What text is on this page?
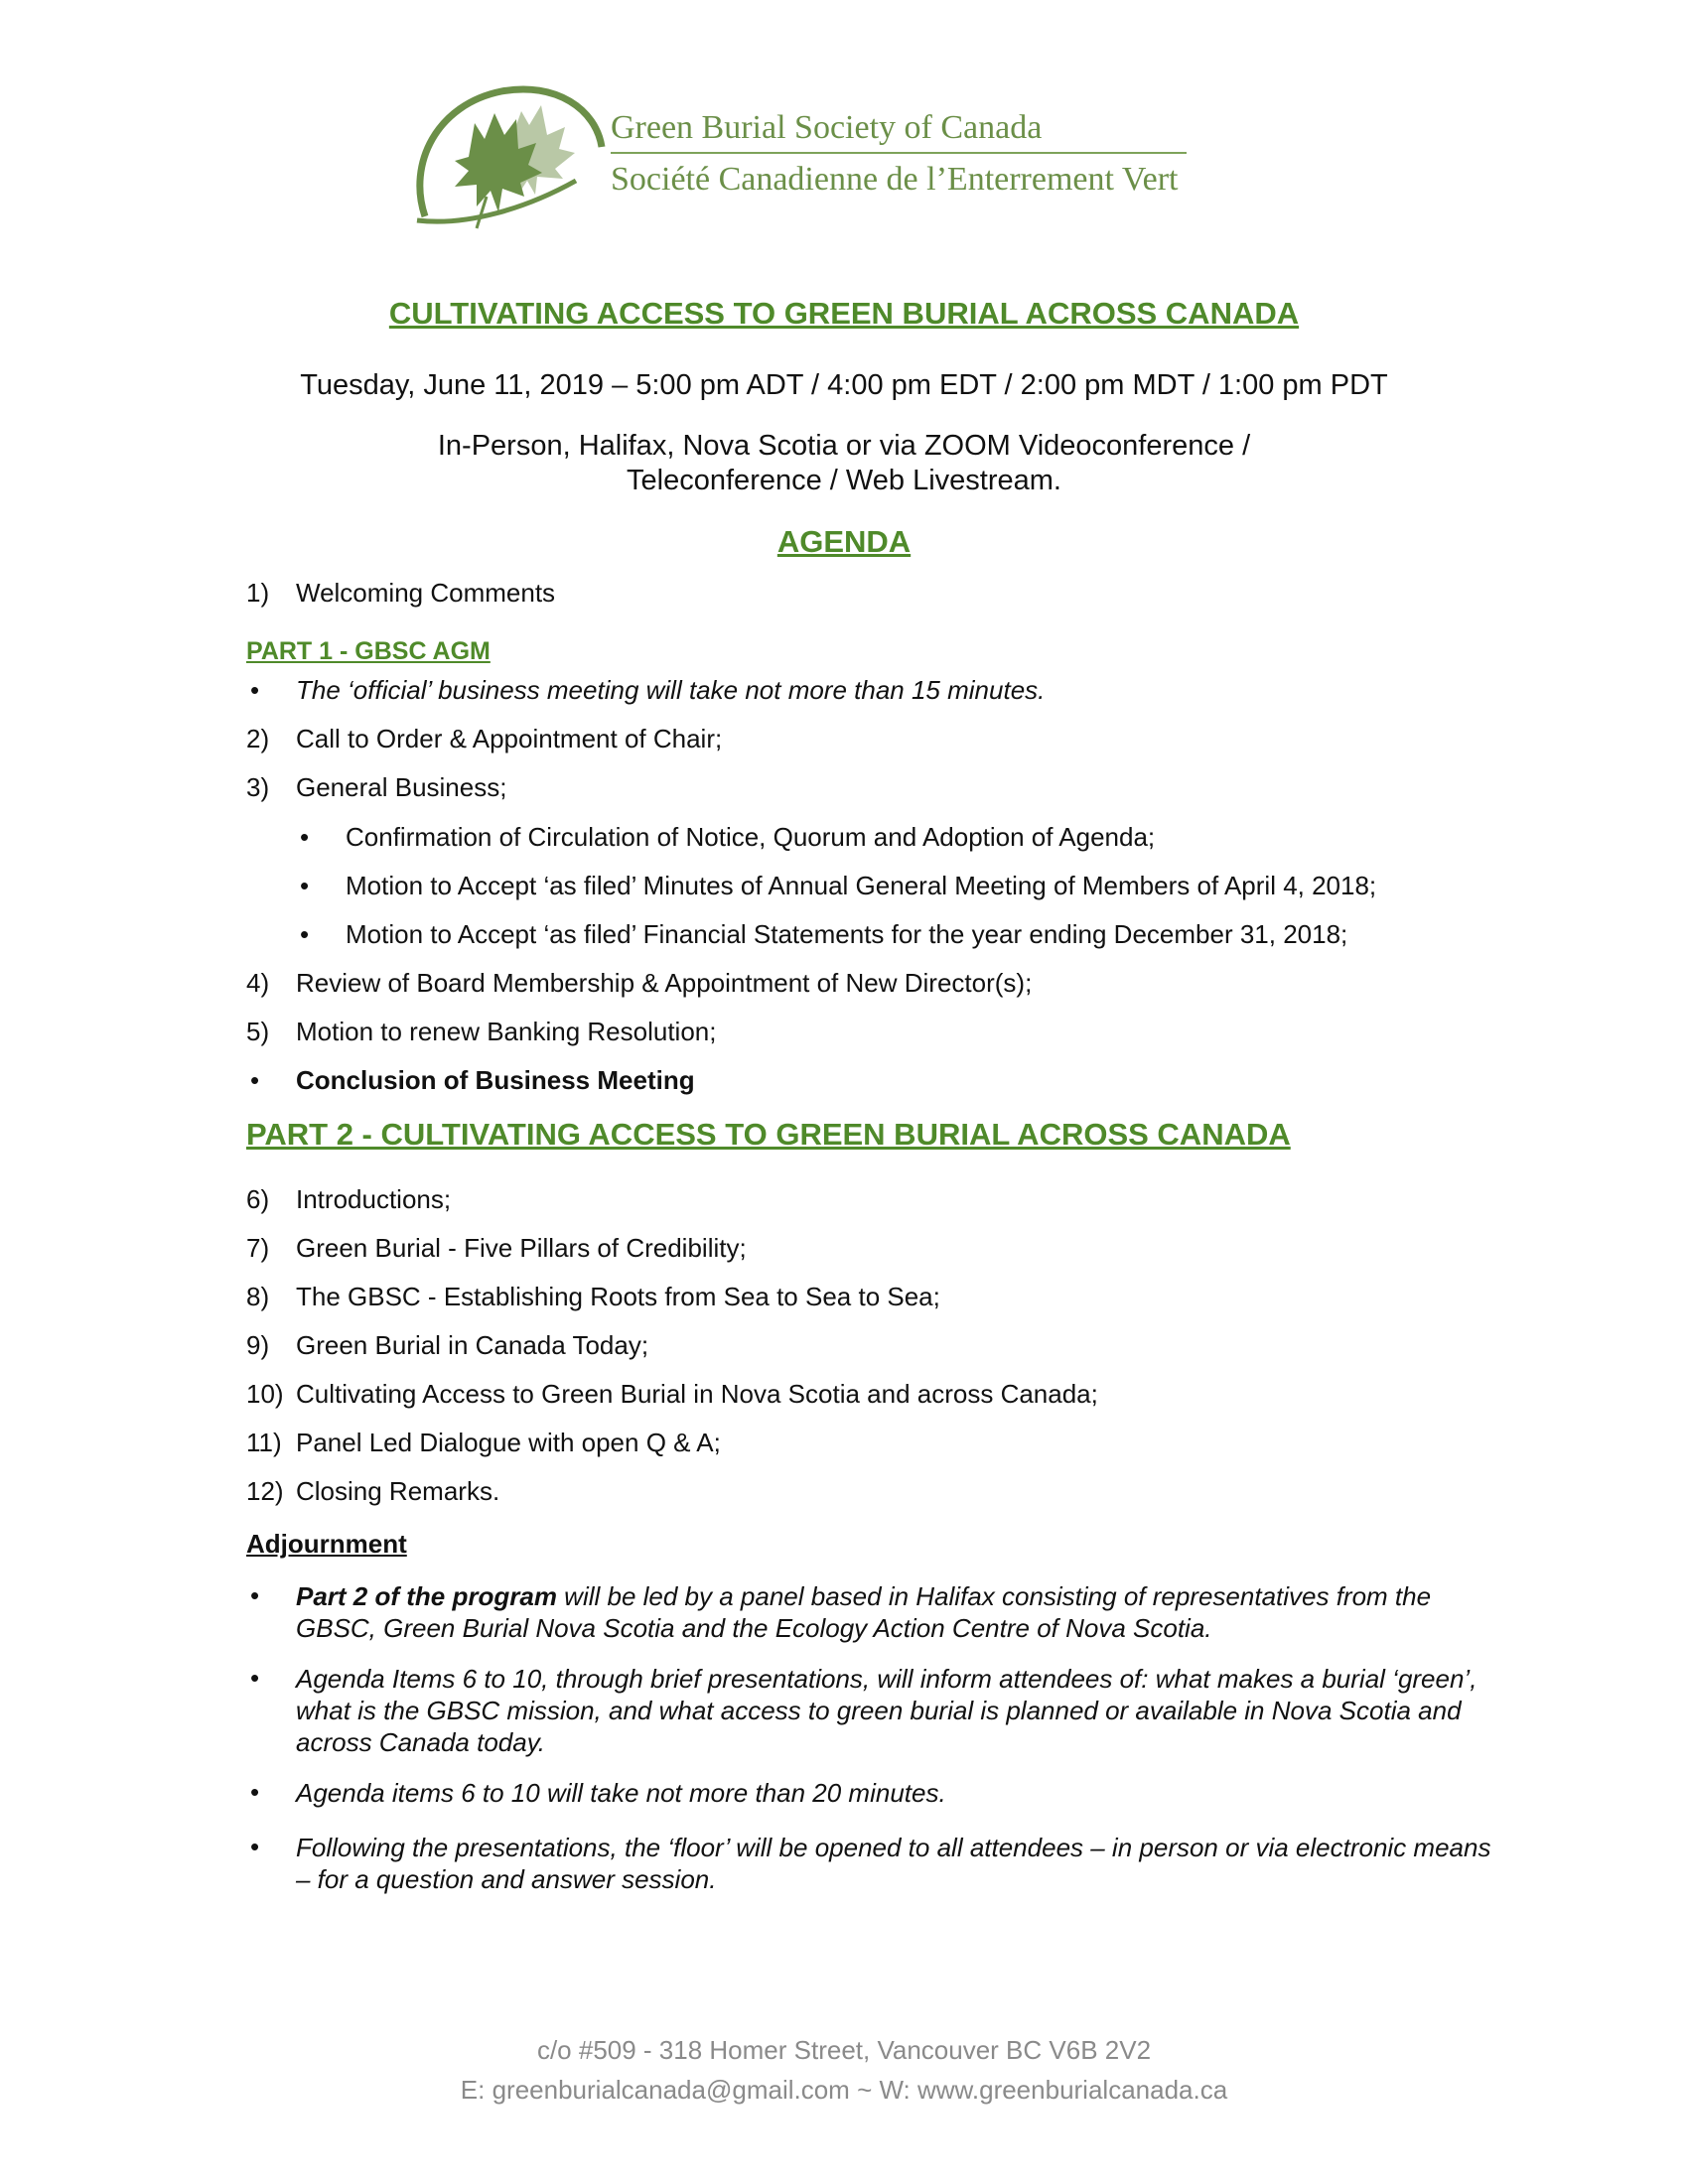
Green Burial Society of Canada
Société Canadienne de l’Enterrement Vert
CULTIVATING ACCESS TO GREEN BURIAL ACROSS CANADA
Tuesday, June 11, 2019 – 5:00 pm ADT / 4:00 pm EDT / 2:00 pm MDT / 1:00 pm PDT
In-Person, Halifax, Nova Scotia or via ZOOM Videoconference /
Teleconference / Web Livestream.
AGENDA
1) Welcoming Comments
PART 1 - GBSC AGM
• The ‘official’ business meeting will take not more than 15 minutes.
2) Call to Order & Appointment of Chair;
3) General Business;
• Confirmation of Circulation of Notice, Quorum and Adoption of Agenda;
• Motion to Accept ‘as filed’ Minutes of Annual General Meeting of Members of April 4, 2018;
• Motion to Accept ‘as filed’ Financial Statements for the year ending December 31, 2018;
4) Review of Board Membership & Appointment of New Director(s);
5) Motion to renew Banking Resolution;
• Conclusion of Business Meeting
PART 2 - CULTIVATING ACCESS TO GREEN BURIAL ACROSS CANADA
6) Introductions;
7) Green Burial - Five Pillars of Credibility;
8) The GBSC - Establishing Roots from Sea to Sea to Sea;
9) Green Burial in Canada Today;
10) Cultivating Access to Green Burial in Nova Scotia and across Canada;
11) Panel Led Dialogue with open Q & A;
12) Closing Remarks.
Adjournment
• Part 2 of the program will be led by a panel based in Halifax consisting of representatives from the GBSC, Green Burial Nova Scotia and the Ecology Action Centre of Nova Scotia.
• Agenda Items 6 to 10, through brief presentations, will inform attendees of: what makes a burial ‘green’, what is the GBSC mission, and what access to green burial is planned or available in Nova Scotia and across Canada today.
• Agenda items 6 to 10 will take not more than 20 minutes.
• Following the presentations, the ‘floor’ will be opened to all attendees – in person or via electronic means – for a question and answer session.
c/o #509 - 318 Homer Street, Vancouver BC V6B 2V2
E: greenburialcanada@gmail.com ~ W: www.greenburialcanada.ca
